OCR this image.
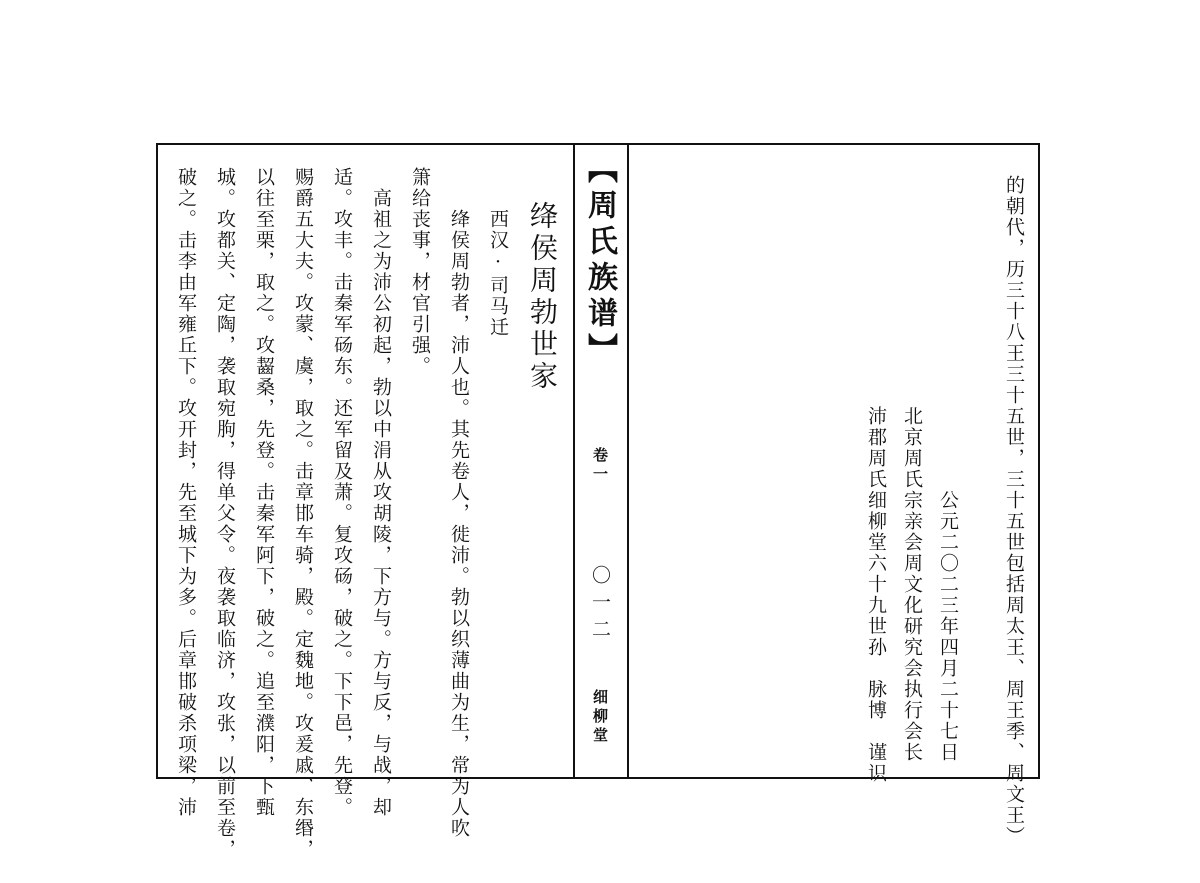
绛侯周勃世家
西汉·司马迁
绛侯周勃者，沛人也。其先卷人，徙沛。勃以织薄曲为生，常为人吹
箫给丧事，材官引强。
　高祖之为沛公初起，勃以中涓从攻胡陵，下方与。方与反，与战，却
适。攻丰。击秦军砀东。还军留及萧。复攻砀，破之。下下邑，先登。
赐爵五大夫。攻蒙、虞，取之。击章邯车骑，殿。定魏地。攻爰戚、东缗，
以往至栗，取之。攻齧桑，先登。击秦军阿下，破之。追至濮阳，下甄
城。攻都关、定陶，袭取宛朐，得单父令。夜袭取临济，攻张，以前至卷，
破之。击李由军雍丘下。攻开封，先至城下为多。后章邯破杀项梁，沛	【周氏族谱】
卷一
〇一二
细柳堂	的朝代，历三十八王三十五世，三十五世包括周太王、周王季、周文王）
　　　　　　　　　　　　　　　公元二〇二三年四月二十七日
　　　　　　　　　　　北京周氏宗亲会周文化研究会执行会长
　　　　　　　　　　　沛郡周氏细柳堂六十九世孙　脉博　谨识
